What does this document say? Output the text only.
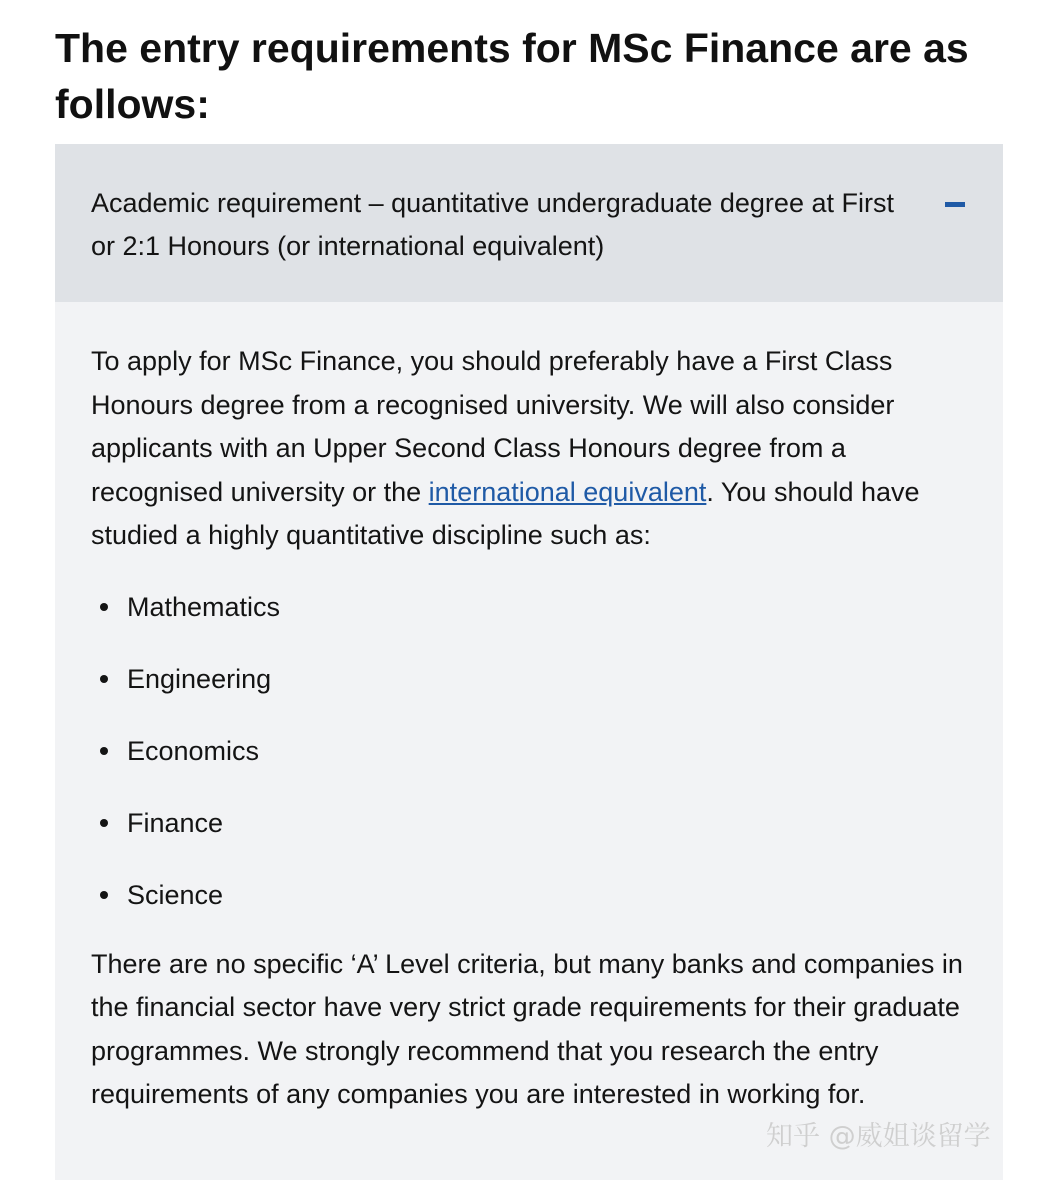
The entry requirements for MSc Finance are as follows:
Academic requirement – quantitative undergraduate degree at First or 2:1 Honours (or international equivalent)

To apply for MSc Finance, you should preferably have a First Class Honours degree from a recognised university. We will also consider applicants with an Upper Second Class Honours degree from a recognised university or the international equivalent. You should have studied a highly quantitative discipline such as:

Mathematics
Engineering
Economics
Finance
Science

There are no specific ‘A’ Level criteria, but many banks and companies in the financial sector have very strict grade requirements for their graduate programmes. We strongly recommend that you research the entry requirements of any companies you are interested in working for.

知乎 @威姐谈留学
